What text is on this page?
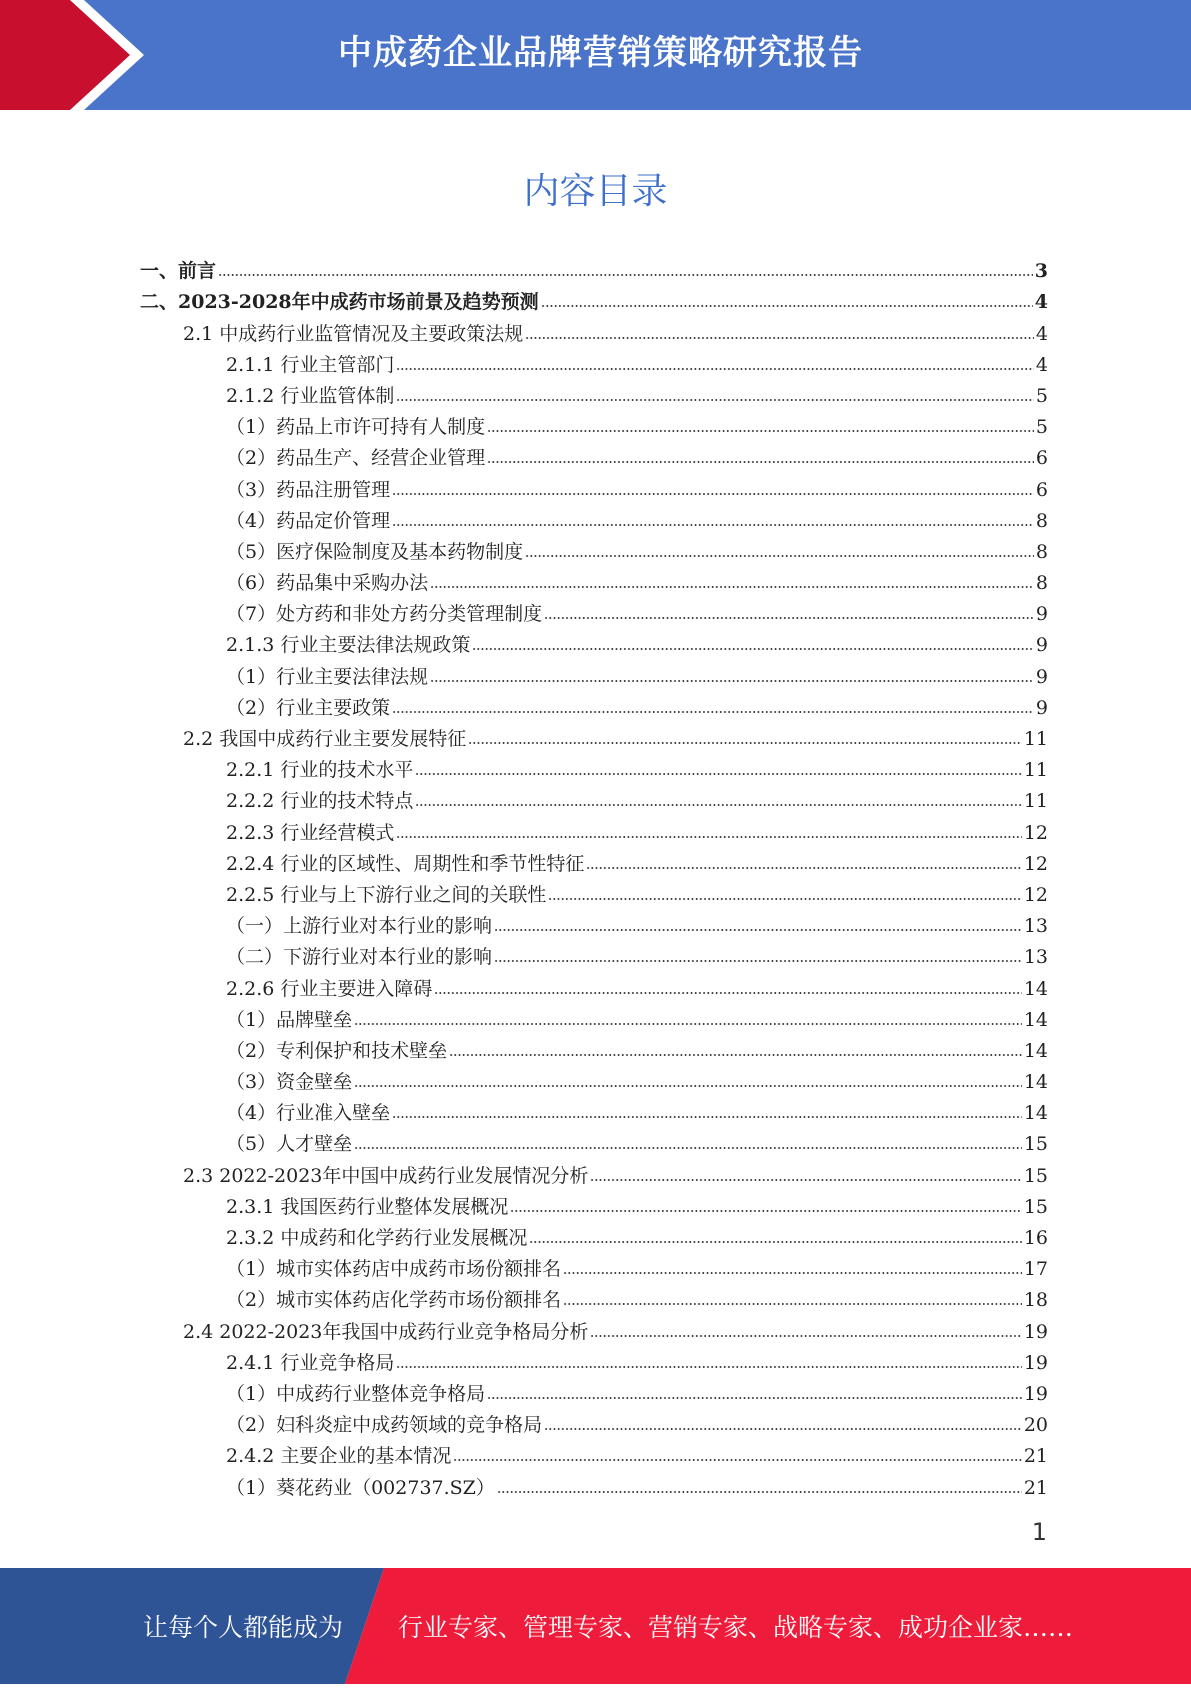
中成药企业品牌营销策略研究报告
内容目录
一、前言	3
二、2023-2028年中成药市场前景及趋势预测	4
2.1 中成药行业监管情况及主要政策法规	4
2.1.1 行业主管部门	4
2.1.2 行业监管体制	5
（1）药品上市许可持有人制度	5
（2）药品生产、经营企业管理	6
（3）药品注册管理	6
（4）药品定价管理	8
（5）医疗保险制度及基本药物制度	8
（6）药品集中采购办法	8
（7）处方药和非处方药分类管理制度	9
2.1.3 行业主要法律法规政策	9
（1）行业主要法律法规	9
（2）行业主要政策	9
2.2 我国中成药行业主要发展特征	11
2.2.1 行业的技术水平	11
2.2.2 行业的技术特点	11
2.2.3 行业经营模式	12
2.2.4 行业的区域性、周期性和季节性特征	12
2.2.5 行业与上下游行业之间的关联性	12
（一）上游行业对本行业的影响	13
（二）下游行业对本行业的影响	13
2.2.6 行业主要进入障碍	14
（1）品牌壁垒	14
（2）专利保护和技术壁垒	14
（3）资金壁垒	14
（4）行业准入壁垒	14
（5）人才壁垒	15
2.3 2022-2023年中国中成药行业发展情况分析	15
2.3.1 我国医药行业整体发展概况	15
2.3.2 中成药和化学药行业发展概况	16
（1）城市实体药店中成药市场份额排名	17
（2）城市实体药店化学药市场份额排名	18
2.4 2022-2023年我国中成药行业竞争格局分析	19
2.4.1 行业竞争格局	19
（1）中成药行业整体竞争格局	19
（2）妇科炎症中成药领域的竞争格局	20
2.4.2 主要企业的基本情况	21
（1）葵花药业（002737.SZ）	21
1
让每个人都能成为 行业专家、管理专家、营销专家、战略专家、成功企业家……
